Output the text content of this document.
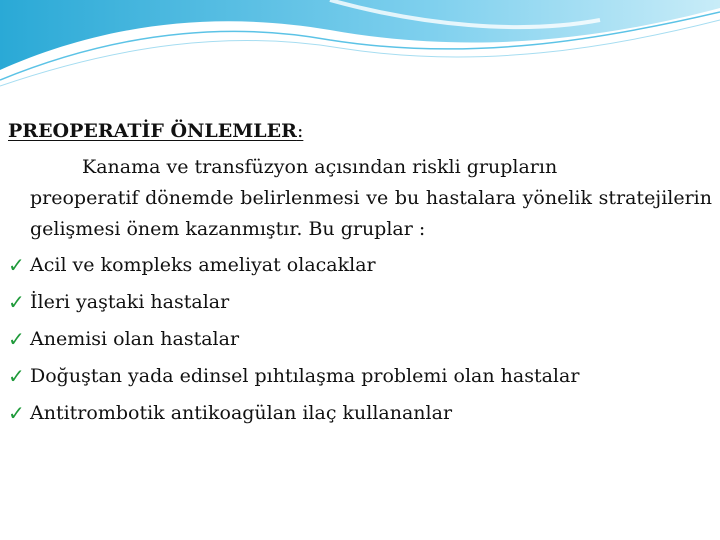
PREOPERATİF ÖNLEMLER:

Kanama ve transfüzyon açısından riskli grupların
preoperatif dönemde belirlenmesi ve bu hastalara yönelik stratejilerin gelişmesi önem kazanmıştır. Bu gruplar :

✓ Acil ve kompleks ameliyat olacaklar
✓ İleri yaştaki hastalar
✓ Anemisi olan hastalar
✓ Doğuştan yada edinsel pıhtılaşma problemi olan hastalar
✓ Antitrombotik antikoagülan ilaç kullananlar
